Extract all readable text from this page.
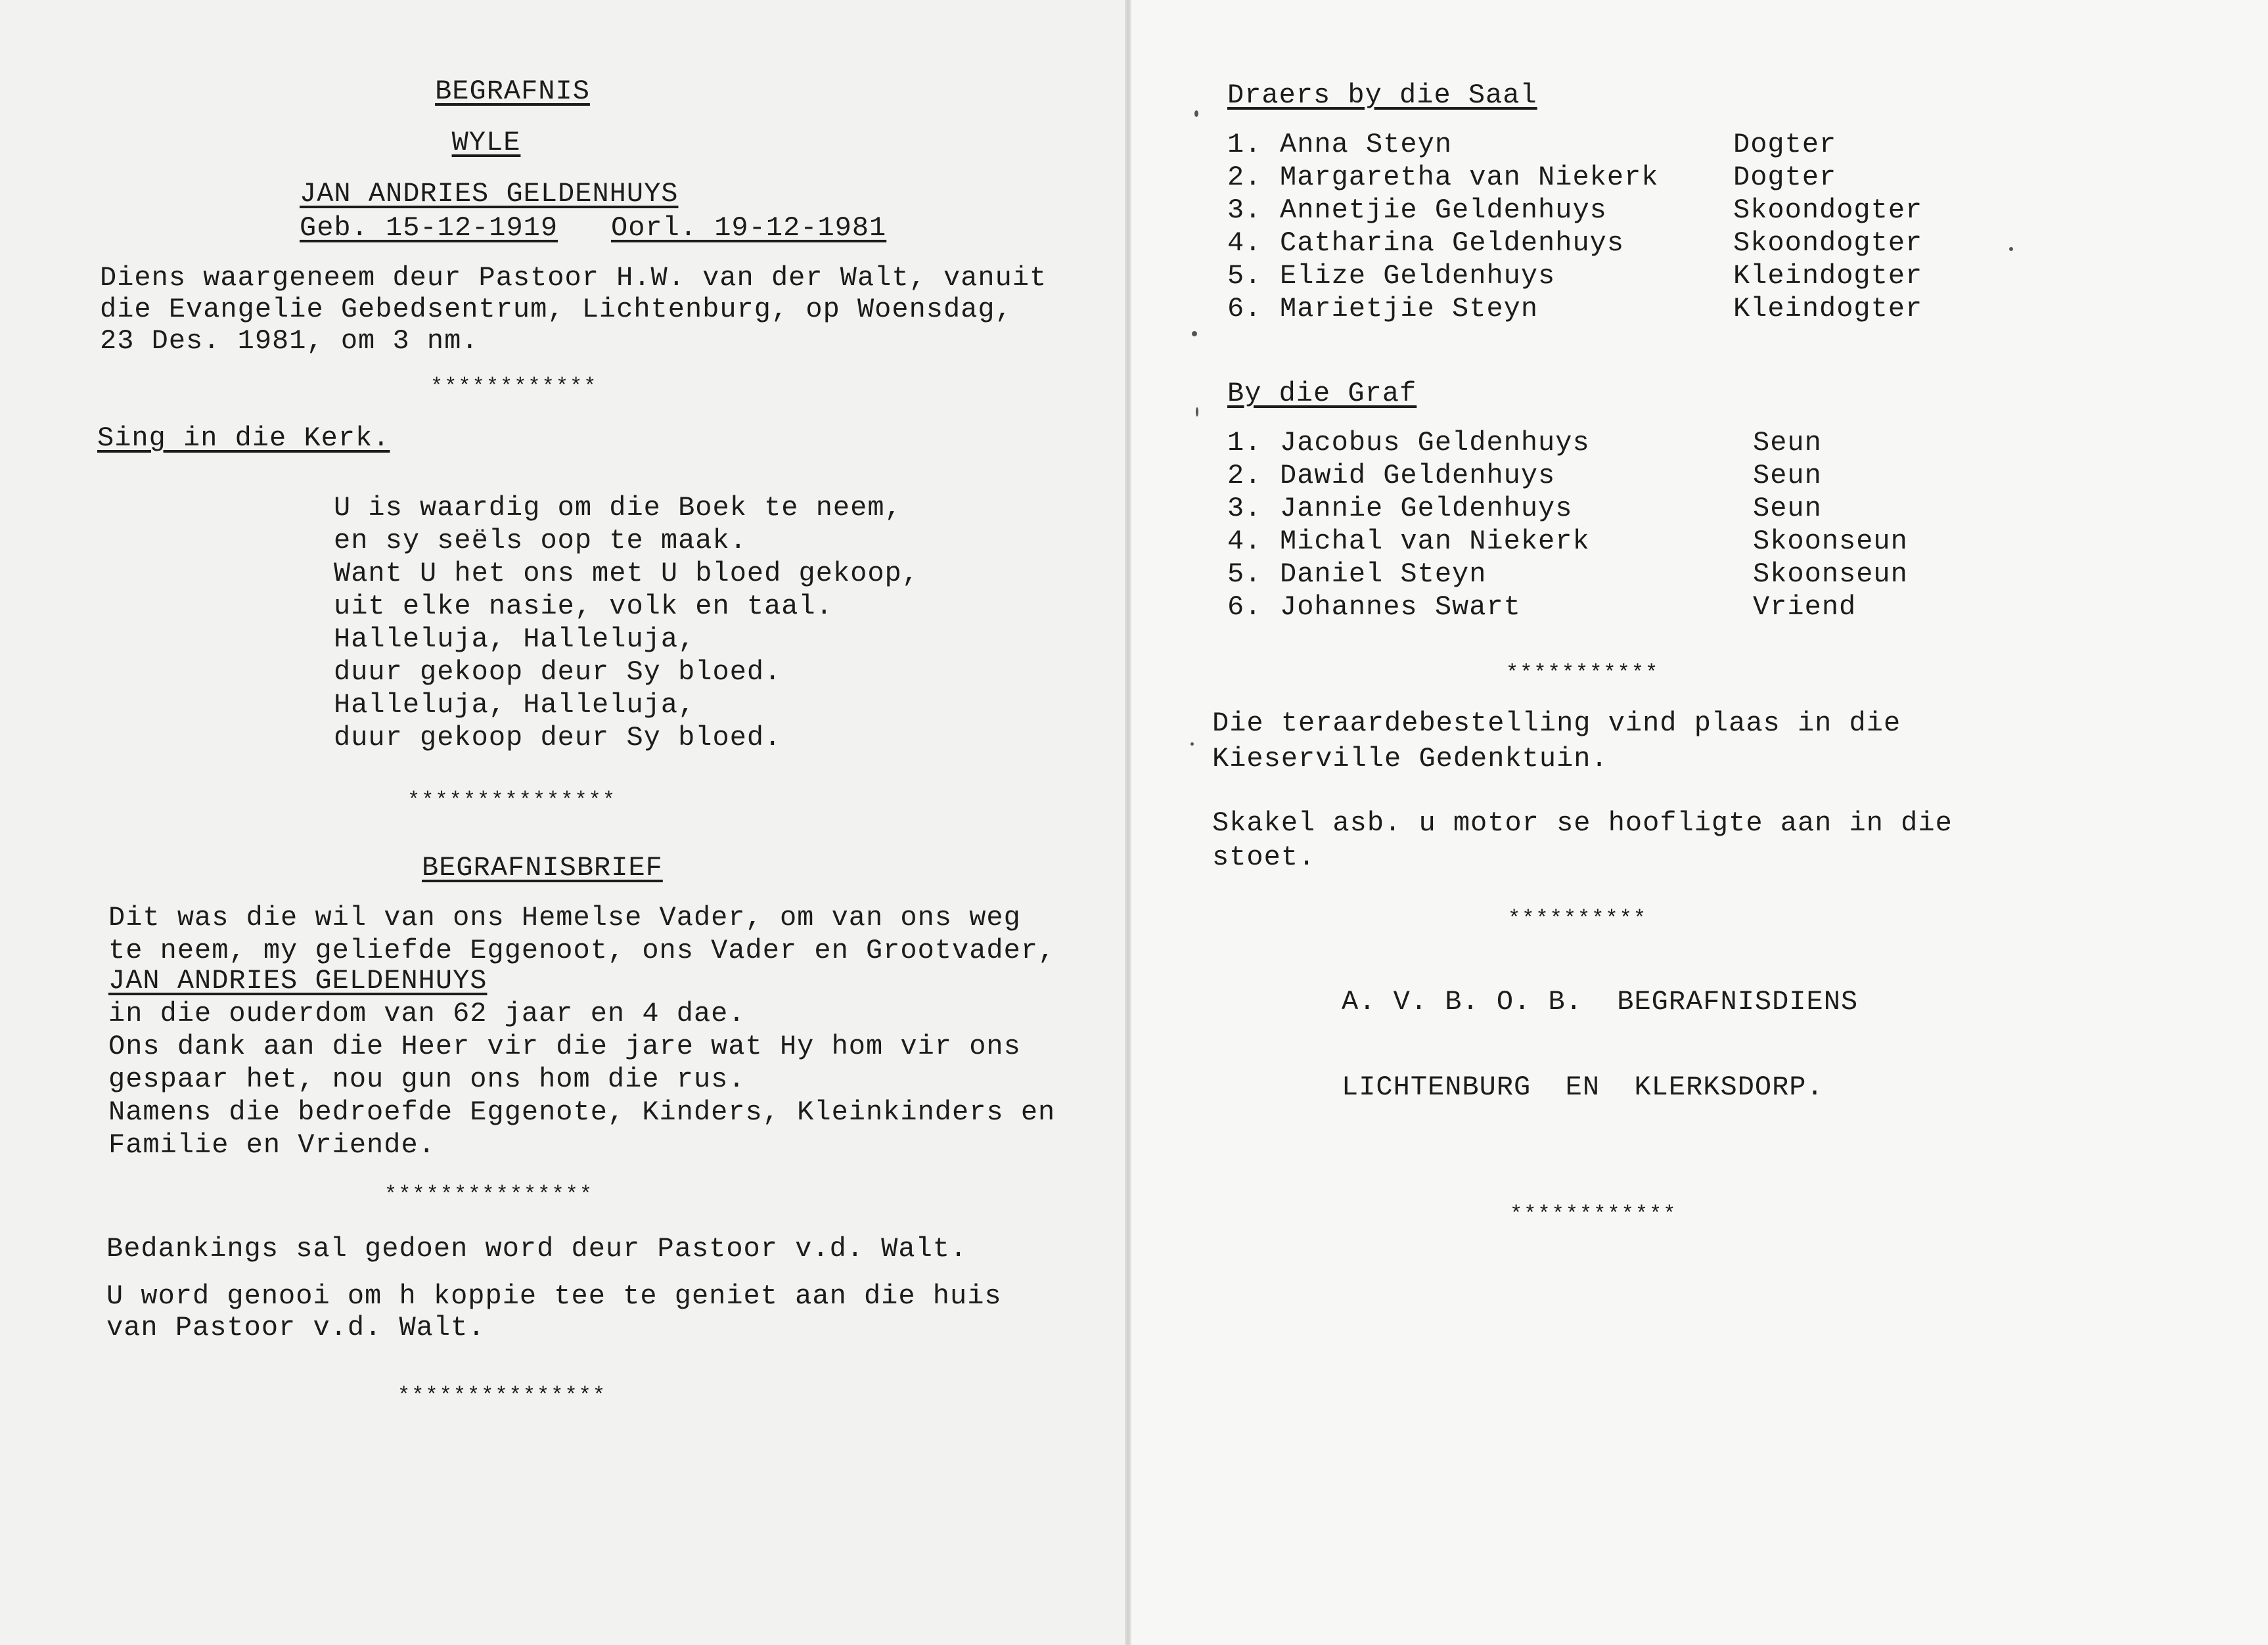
BEGRAFNIS
WYLE
JAN ANDRIES GELDENHUYS
Geb. 15-12-1919 Oorl. 19-12-1981
Diens waargeneem deur Pastoor H.W. van der Walt, vanuit
die Evangelie Gebedsentrum, Lichtenburg, op Woensdag,
23 Des. 1981, om 3 nm.
************
Sing in die Kerk.
U is waardig om die Boek te neem,
en sy seëls oop te maak.
Want U het ons met U bloed gekoop,
uit elke nasie, volk en taal.
Halleluja, Halleluja,
duur gekoop deur Sy bloed.
Halleluja, Halleluja,
duur gekoop deur Sy bloed.
***************
BEGRAFNISBRIEF
Dit was die wil van ons Hemelse Vader, om van ons weg
te neem, my geliefde Eggenoot, ons Vader en Grootvader,
JAN ANDRIES GELDENHUYS
in die ouderdom van 62 jaar en 4 dae.
Ons dank aan die Heer vir die jare wat Hy hom vir ons
gespaar het, nou gun ons hom die rus.
Namens die bedroefde Eggenote, Kinders, Kleinkinders en
Familie en Vriende.
***************
Bedankings sal gedoen word deur Pastoor v.d. Walt.
U word genooi om h koppie tee te geniet aan die huis
van Pastoor v.d. Walt.
***************
Draers by die Saal
1.	Anna Steyn	Dogter
2.	Margaretha van Niekerk	Dogter
3.	Annetjie Geldenhuys	Skoondogter
4.	Catharina Geldenhuys	Skoondogter
5.	Elize Geldenhuys	Kleindogter
6.	Marietjie Steyn	Kleindogter
By die Graf
1.	Jacobus Geldenhuys	Seun
2.	Dawid Geldenhuys	Seun
3.	Jannie Geldenhuys	Seun
4.	Michal van Niekerk	Skoonseun
5.	Daniel Steyn	Skoonseun
6.	Johannes Swart	Vriend
***********
Die teraardebestelling vind plaas in die
Kieserville Gedenktuin.
Skakel asb. u motor se hoofligte aan in die
stoet.
**********
A. V. B. O. B.  BEGRAFNISDIENS
LICHTENBURG  EN  KLERKSDORP.
************
